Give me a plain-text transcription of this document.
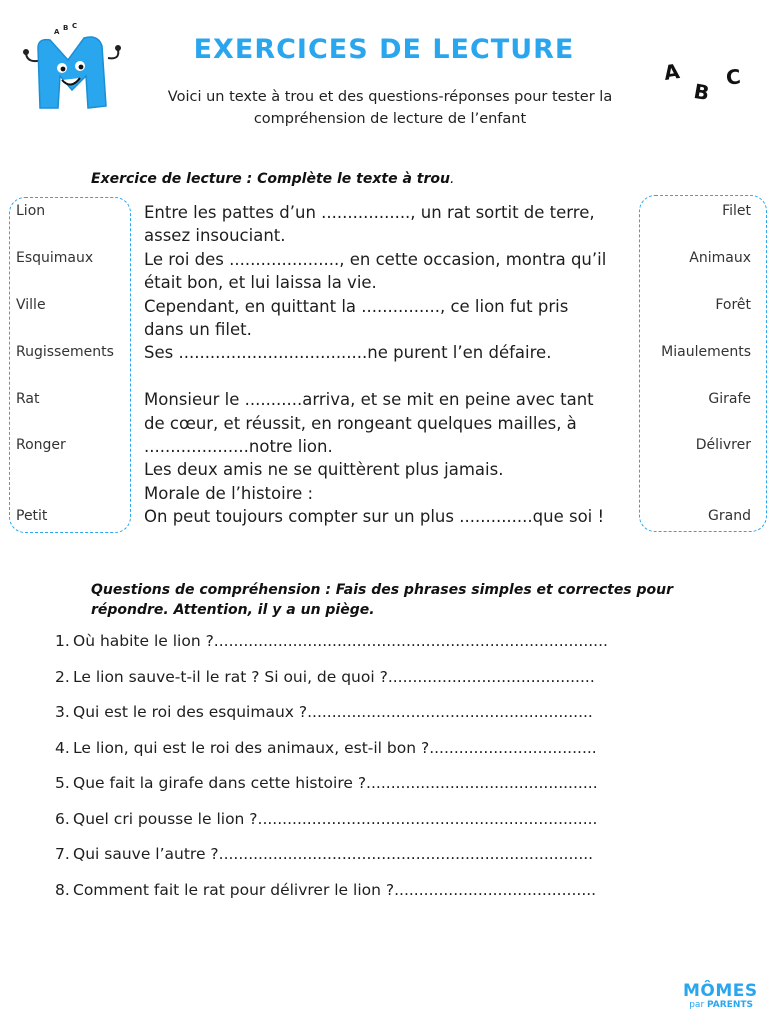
A B C
EXERCICES DE LECTURE
Voici un texte à trou et des questions-réponses pour tester la
compréhension de lecture de l’enfant
A
B
C
Exercice de lecture : Complète le texte à trou.
Lion
Esquimaux
Ville
Rugissements
Rat
Ronger
Petit
Filet
Animaux
Forêt
Miaulements
Girafe
Délivrer
Grand

Entre les pattes d’un ................., un rat sortit de terre,

assez insouciant.

Le roi des ....................., en cette occasion, montra qu’il

était bon, et lui laissa la vie.

Cependant, en quittant la ..............., ce lion fut pris

dans un filet.

Ses ....................................ne purent l’en défaire.

Monsieur le ...........arriva, et se mit en peine avec tant

de cœur, et réussit, en rongeant quelques mailles, à

....................notre lion.

Les deux amis ne se quittèrent plus jamais.

Morale de l’histoire :

On peut toujours compter sur un plus ..............que soi !

Questions de compréhension : Fais des phrases simples et correctes pour
répondre. Attention, il y a un piège.
1. Où habite le lion ?................................................................................
2. Le lion sauve-t-il le rat ? Si oui, de quoi ?..........................................
3. Qui est le roi des esquimaux ?..........................................................
4. Le lion, qui est le roi des animaux, est-il bon ?..................................
5. Que fait la girafe dans cette histoire ?...............................................
6. Quel cri pousse le lion ?.....................................................................
7. Qui sauve l’autre ?............................................................................
8. Comment fait le rat pour délivrer le lion ?.........................................
MÔMES
par PARENTS
